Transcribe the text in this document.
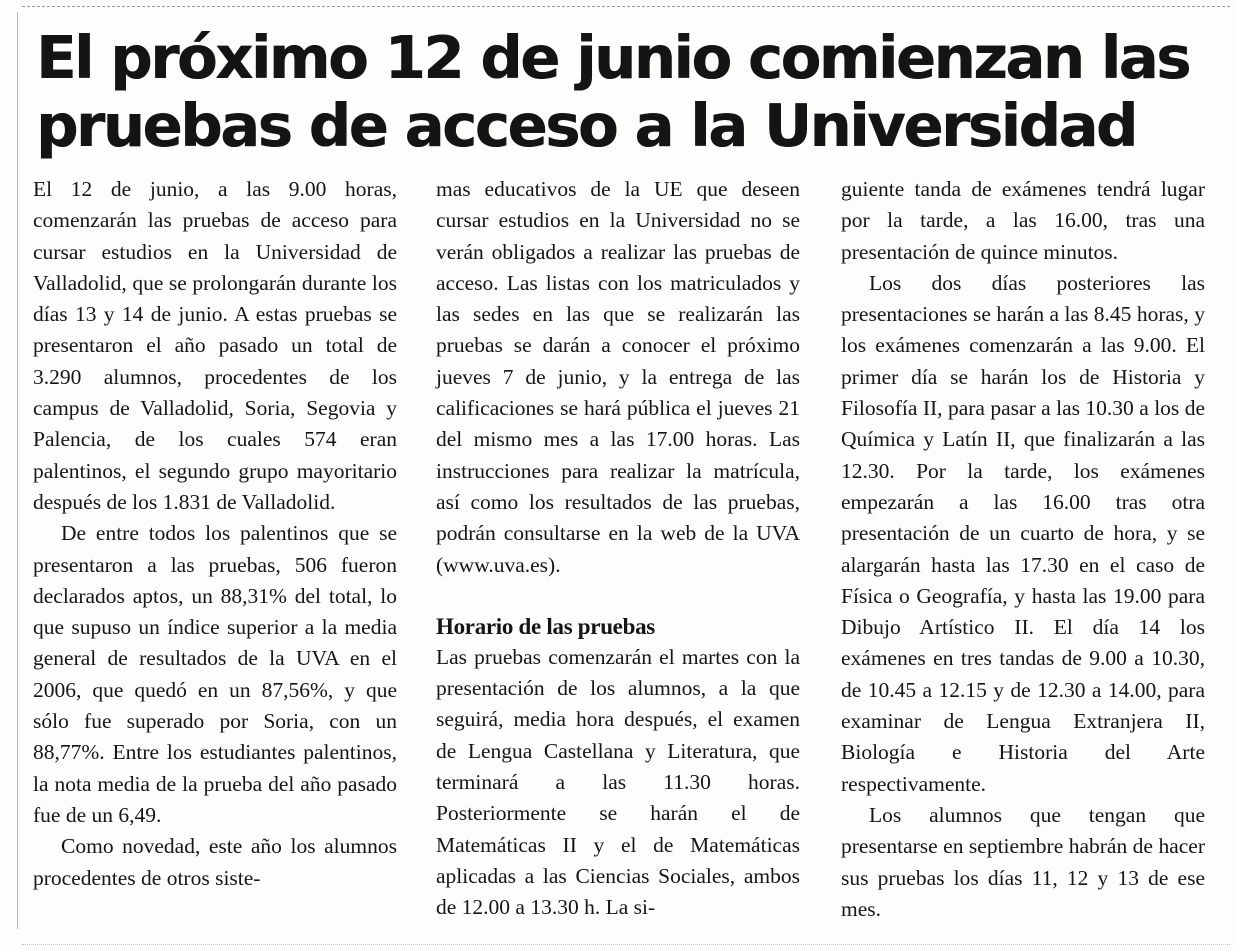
El próximo 12 de junio comienzan las
pruebas de acceso a la Universidad

El 12 de junio, a las 9.00 horas, comenzarán las pruebas de acceso para cursar estudios en la Universidad de Valladolid, que se prolongarán durante los días 13 y 14 de junio. A estas pruebas se presentaron el año pasado un total de 3.290 alumnos, procedentes de los campus de Valladolid, Soria, Segovia y Palencia, de los cuales 574 eran palentinos, el segundo grupo mayoritario después de los 1.831 de Valladolid.

De entre todos los palentinos que se presentaron a las pruebas, 506 fueron declarados aptos, un 88,31% del total, lo que supuso un índice superior a la media general de resultados de la UVA en el 2006, que quedó en un 87,56%, y que sólo fue superado por Soria, con un 88,77%. Entre los estudiantes palentinos, la nota media de la prueba del año pasado fue de un 6,49.

Como novedad, este año los alumnos procedentes de otros siste-

mas educativos de la UE que deseen cursar estudios en la Universidad no se verán obligados a realizar las pruebas de acceso. Las listas con los matriculados y las sedes en las que se realizarán las pruebas se darán a conocer el próximo jueves 7 de junio, y la entrega de las calificaciones se hará pública el jueves 21 del mismo mes a las 17.00 horas. Las instrucciones para realizar la matrícula, así como los resultados de las pruebas, podrán consultarse en la web de la UVA (www.uva.es).

Horario de las pruebas

Las pruebas comenzarán el martes con la presentación de los alumnos, a la que seguirá, media hora después, el examen de Lengua Castellana y Literatura, que terminará a las 11.30 horas. Posteriormente se harán el de Matemáticas II y el de Matemáticas aplicadas a las Ciencias Sociales, ambos de 12.00 a 13.30 h. La si-

guiente tanda de exámenes tendrá lugar por la tarde, a las 16.00, tras una presentación de quince minutos.

Los dos días posteriores las presentaciones se harán a las 8.45 horas, y los exámenes comenzarán a las 9.00. El primer día se harán los de Historia y Filosofía II, para pasar a las 10.30 a los de Química y Latín II, que finalizarán a las 12.30. Por la tarde, los exámenes empezarán a las 16.00 tras otra presentación de un cuarto de hora, y se alargarán hasta las 17.30 en el caso de Física o Geografía, y hasta las 19.00 para Dibujo Artístico II. El día 14 los exámenes en tres tandas de 9.00 a 10.30, de 10.45 a 12.15 y de 12.30 a 14.00, para examinar de Lengua Extranjera II, Biología e Historia del Arte respectivamente.

Los alumnos que tengan que presentarse en septiembre habrán de hacer sus pruebas los días 11, 12 y 13 de ese mes.
